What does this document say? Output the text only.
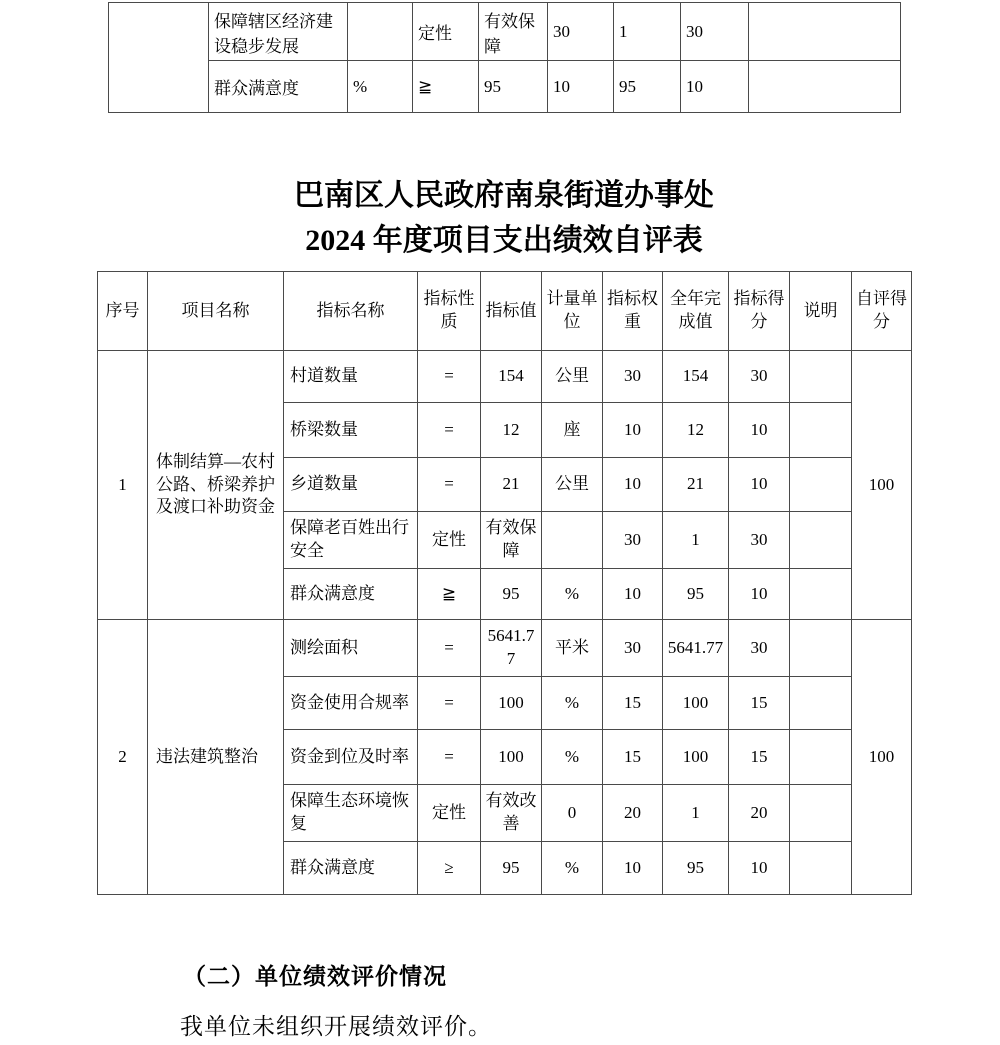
	保障辖区经济建设稳步发展		定性	有效保障	30	1	30	
	群众满意度	%	≧	95	10	95	10	
巴南区人民政府南泉街道办事处
2024 年度项目支出绩效自评表
序号	项目名称	指标名称	指标性质	指标值	计量单位	指标权重	全年完成值	指标得分	说明	自评得分
1	体制结算—农村公路、桥梁养护及渡口补助资金	村道数量	=	154	公里	30	154	30		100
		桥梁数量	=	12	座	10	12	10		
		乡道数量	=	21	公里	10	21	10		
		保障老百姓出行安全	定性	有效保障		30	1	30		
		群众满意度	≧	95	%	10	95	10		
2	违法建筑整治	测绘面积	=	5641.77	平米	30	5641.77	30		100
		资金使用合规率	=	100	%	15	100	15		
		资金到位及时率	=	100	%	15	100	15		
		保障生态环境恢复	定性	有效改善	0	20	1	20		
		群众满意度	≥	95	%	10	95	10		
（二）单位绩效评价情况
我单位未组织开展绩效评价。
